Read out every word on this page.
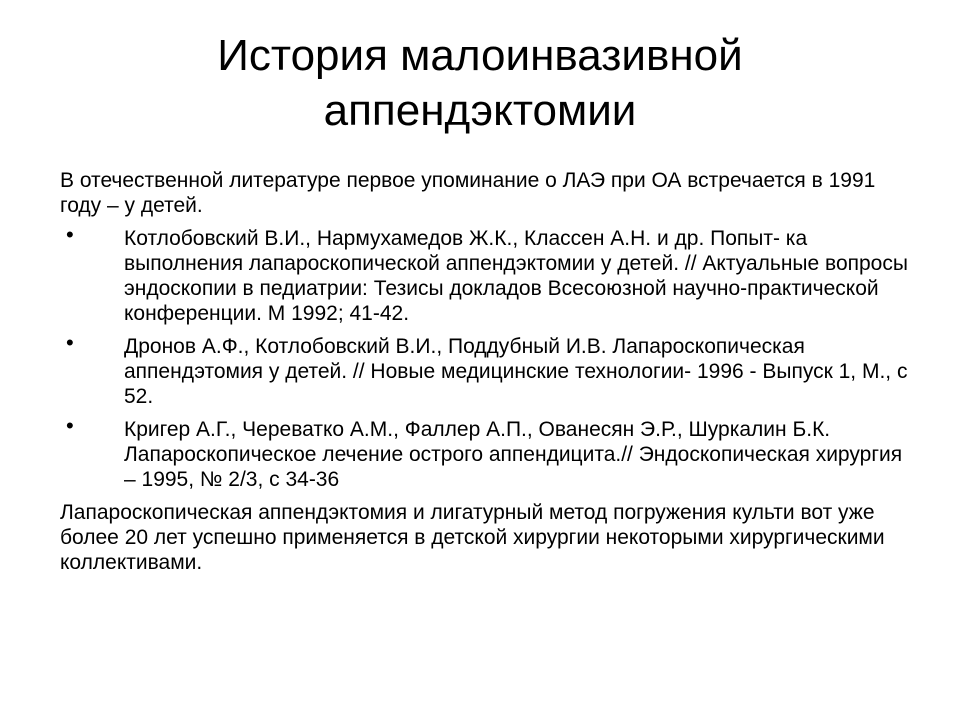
История малоинвазивной
аппендэктомии

В отечественной литературе первое упоминание о ЛАЭ при ОА встречается в 1991 году – у детей.

• Котлобовский В.И., Нармухамедов Ж.К., Классен А.Н. и др. Попыт- ка выполнения лапароскопической аппендэктомии у детей. // Актуальные вопросы эндоскопии в педиатрии: Тезисы докладов Всесоюзной научно-практической конференции. М 1992; 41-42.
• Дронов А.Ф., Котлобовский В.И., Поддубный И.В. Лапароскопическая аппендэтомия у детей. // Новые медицинские технологии- 1996 - Выпуск 1, М., с 52.
• Кригер А.Г., Череватко А.М., Фаллер А.П., Ованесян Э.Р., Шуркалин Б.К. Лапароскопическое лечение острого аппендицита.// Эндоскопическая хирургия – 1995, № 2/3, с 34-36

Лапароскопическая аппендэктомия и лигатурный метод погружения культи вот уже более 20 лет успешно применяется в детской хирургии некоторыми хирургическими коллективами.
